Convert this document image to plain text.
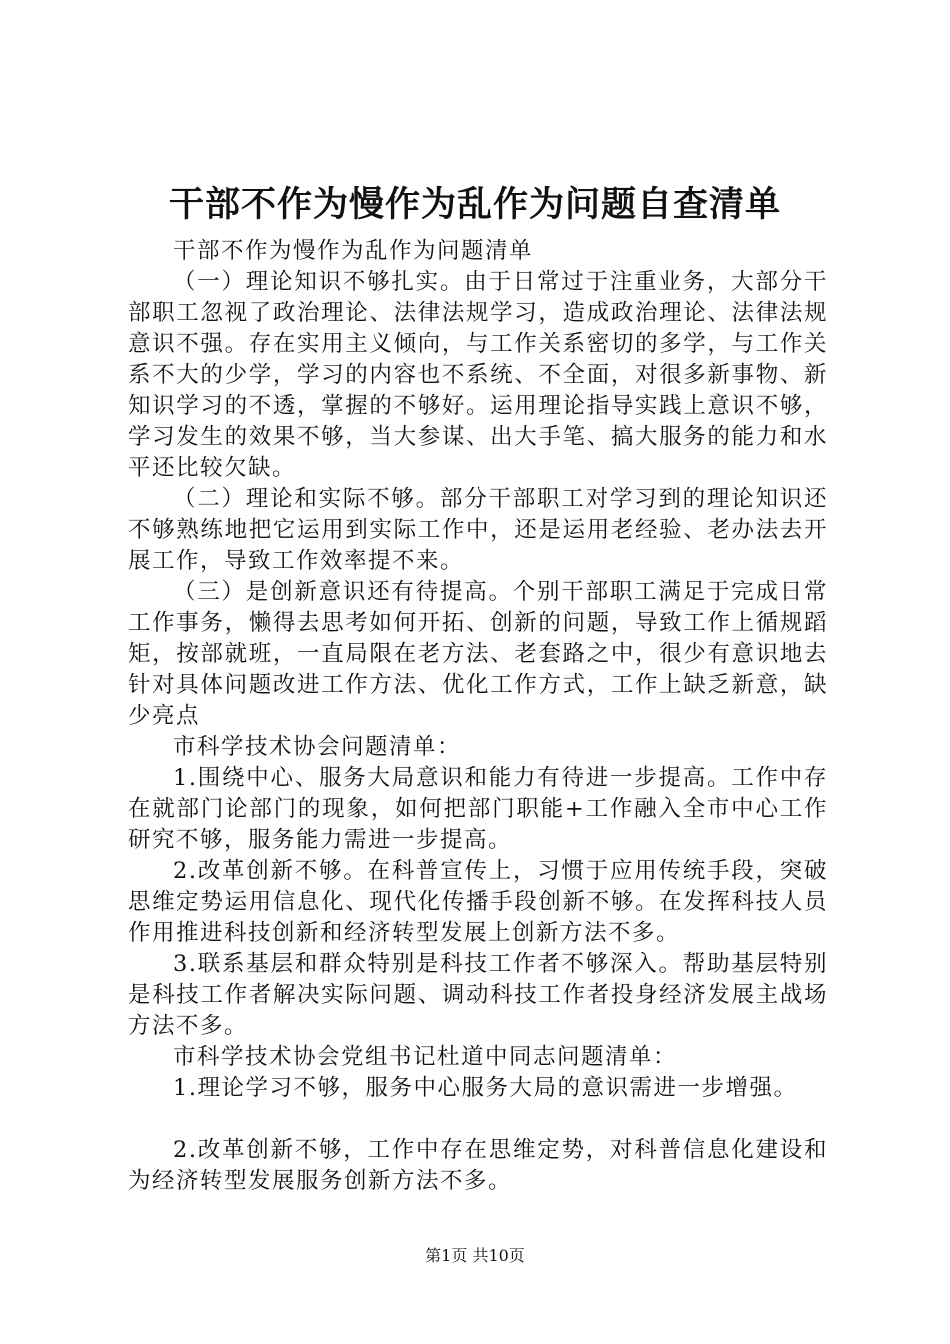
干部不作为慢作为乱作为问题自查清单

干部不作为慢作为乱作为问题清单

（一）理论知识不够扎实。由于日常过于注重业务，大部分干部职工忽视了政治理论、法律法规学习，造成政治理论、法律法规意识不强。存在实用主义倾向，与工作关系密切的多学，与工作关系不大的少学，学习的内容也不系统、不全面，对很多新事物、新知识学习的不透，掌握的不够好。运用理论指导实践上意识不够，学习发生的效果不够，当大参谋、出大手笔、搞大服务的能力和水平还比较欠缺。

（二）理论和实际不够。部分干部职工对学习到的理论知识还不够熟练地把它运用到实际工作中，还是运用老经验、老办法去开展工作，导致工作效率提不来。

（三）是创新意识还有待提高。个别干部职工满足于完成日常工作事务，懒得去思考如何开拓、创新的问题，导致工作上循规蹈矩，按部就班，一直局限在老方法、老套路之中，很少有意识地去针对具体问题改进工作方法、优化工作方式，工作上缺乏新意，缺少亮点

市科学技术协会问题清单：

1.围绕中心、服务大局意识和能力有待进一步提高。工作中存在就部门论部门的现象，如何把部门职能+工作融入全市中心工作研究不够，服务能力需进一步提高。

2.改革创新不够。在科普宣传上，习惯于应用传统手段，突破思维定势运用信息化、现代化传播手段创新不够。在发挥科技人员作用推进科技创新和经济转型发展上创新方法不多。

3.联系基层和群众特别是科技工作者不够深入。帮助基层特别是科技工作者解决实际问题、调动科技工作者投身经济发展主战场方法不多。

市科学技术协会党组书记杜道中同志问题清单：

1.理论学习不够，服务中心服务大局的意识需进一步增强。

2.改革创新不够，工作中存在思维定势，对科普信息化建设和为经济转型发展服务创新方法不多。

第1页 共10页
